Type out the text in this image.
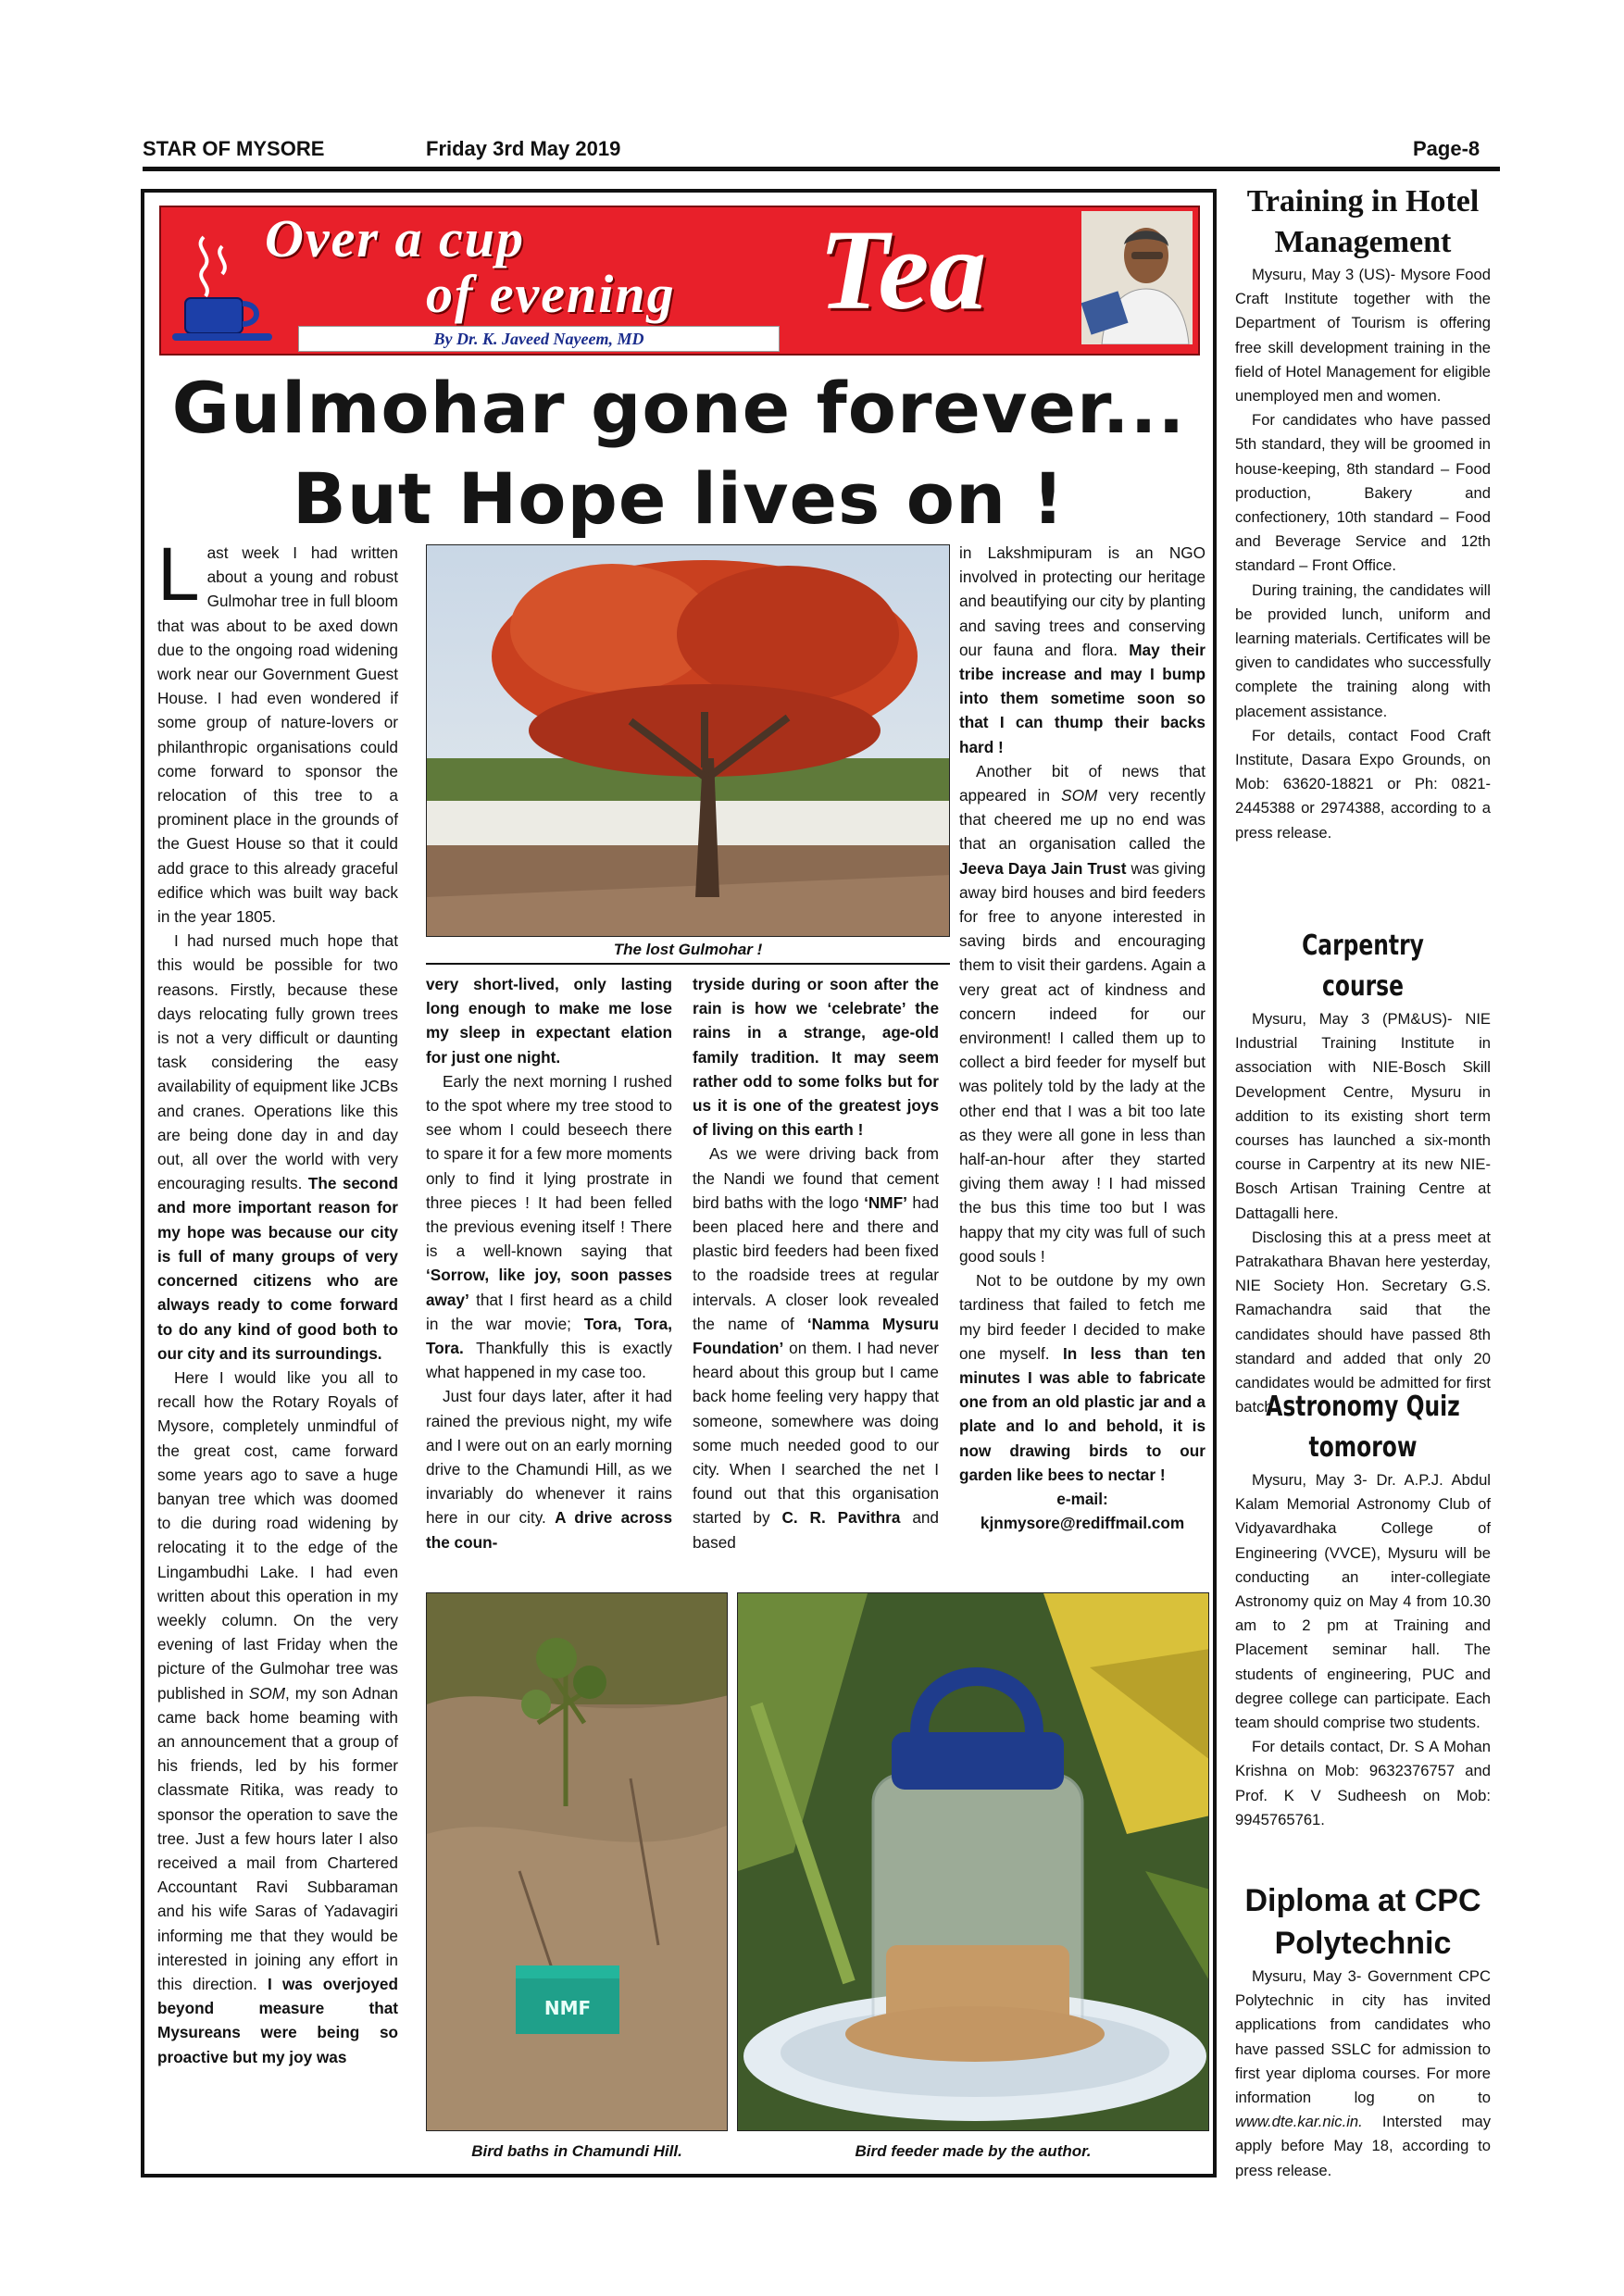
STAR OF MYSORE	Friday 3rd May 2019	Page-8
Over a cup
of evening Tea
By Dr. K. Javeed Nayeem, MD
Gulmohar gone forever...
But Hope lives on !

Last week I had written about a young and robust Gulmohar tree in full bloom that was about to be axed down due to the ongoing road widening work near our Government Guest House. I had even wondered if some group of nature-lovers or philanthropic organisations could come forward to sponsor the relocation of this tree to a prominent place in the grounds of the Guest House so that it could add grace to this already graceful edifice which was built way back in the year 1805.

I had nursed much hope that this would be possible for two reasons. Firstly, because these days relocating fully grown trees is not a very difficult or daunting task considering the easy availability of equipment like JCBs and cranes. Operations like this are being done day in and day out, all over the world with very encouraging results. The second and more important reason for my hope was because our city is full of many groups of very concerned citizens who are always ready to come forward to do any kind of good both to our city and its surroundings.

Here I would like you all to recall how the Rotary Royals of Mysore, completely unmindful of the great cost, came forward some years ago to save a huge banyan tree which was doomed to die during road widening by relocating it to the edge of the Lingambudhi Lake. I had even written about this operation in my weekly column. On the very evening of last Friday when the picture of the Gulmohar tree was published in SOM, my son Adnan came back home beaming with an announcement that a group of his friends, led by his former classmate Ritika, was ready to sponsor the operation to save the tree. Just a few hours later I also received a mail from Chartered Accountant Ravi Subbaraman and his wife Saras of Yadavagiri informing me that they would be interested in joining any effort in this direction. I was overjoyed beyond measure that Mysureans were being so proactive but my joy was

The lost Gulmohar !

very short-lived, only lasting long enough to make me lose my sleep in expectant elation for just one night.

Early the next morning I rushed to the spot where my tree stood to see whom I could beseech there to spare it for a few more moments only to find it lying prostrate in three pieces ! It had been felled the previous evening itself ! There is a well-known saying that ‘Sorrow, like joy, soon passes away’ that I first heard as a child in the war movie; Tora, Tora, Tora. Thankfully this is exactly what happened in my case too.

Just four days later, after it had rained the previous night, my wife and I were out on an early morning drive to the Chamundi Hill, as we invariably do whenever it rains here in our city. A drive across the coun-

tryside during or soon after the rain is how we ‘celebrate’ the rains in a strange, age-old family tradition. It may seem rather odd to some folks but for us it is one of the greatest joys of living on this earth !

As we were driving back from the Nandi we found that cement bird baths with the logo ‘NMF’ had been placed here and there and plastic bird feeders had been fixed to the roadside trees at regular intervals. A closer look revealed the name of ‘Namma Mysuru Foundation’ on them. I had never heard about this group but I came back home feeling very happy that someone, somewhere was doing some much needed good to our city. When I searched the net I found out that this organisation started by C. R. Pavithra and based

in Lakshmipuram is an NGO involved in protecting our heritage and beautifying our city by planting and saving trees and conserving our fauna and flora. May their tribe increase and may I bump into them sometime soon so that I can thump their backs hard !

Another bit of news that appeared in SOM very recently that cheered me up no end was that an organisation called the Jeeva Daya Jain Trust was giving away bird houses and bird feeders for free to anyone interested in saving birds and encouraging them to visit their gardens. Again a very great act of kindness and concern indeed for our environment! I called them up to collect a bird feeder for myself but was politely told by the lady at the other end that I was a bit too late as they were all gone in less than half-an-hour after they started giving them away ! I had missed the bus this time too but I was happy that my city was full of such good souls !

Not to be outdone by my own tardiness that failed to fetch me my bird feeder I decided to make one myself. In less than ten minutes I was able to fabricate one from an old plastic jar and a plate and lo and behold, it is now drawing birds to our garden like bees to nectar !

e-mail:
kjnmysore@rediffmail.com
NMF
Bird baths in Chamundi Hill.	Bird feeder made by the author.
Training in Hotel Management

Mysuru, May 3 (US)- Mysore Food Craft Institute together with the Department of Tourism is offering free skill development training in the field of Hotel Management for eligible unemployed men and women.

For candidates who have passed 5th standard, they will be groomed in house-keeping, 8th standard – Food production, Bakery and confectionery, 10th standard – Food and Beverage Service and 12th standard – Front Office.

During training, the candidates will be provided lunch, uniform and learning materials. Certificates will be given to candidates who successfully complete the training along with placement assistance.

For details, contact Food Craft Institute, Dasara Expo Grounds, on Mob: 63620-18821 or Ph: 0821-2445388 or 2974388, according to a press release.

Carpentry course

Mysuru, May 3 (PM&US)- NIE Industrial Training Institute in association with NIE-Bosch Skill Development Centre, Mysuru in addition to its existing short term courses has launched a six-month course in Carpentry at its new NIE-Bosch Artisan Training Centre at Dattagalli here.

Disclosing this at a press meet at Patrakathara Bhavan here yesterday, NIE Society Hon. Secretary G.S. Ramachandra said that the candidates should have passed 8th standard and added that only 20 candidates would be admitted for first batch.

Astronomy Quiz tomorow

Mysuru, May 3- Dr. A.P.J. Abdul Kalam Memorial Astronomy Club of Vidyavardhaka College of Engineering (VVCE), Mysuru will be conducting an inter-collegiate Astronomy quiz on May 4 from 10.30 am to 2 pm at Training and Placement seminar hall. The students of engineering, PUC and degree college can participate. Each team should comprise two students.

For details contact, Dr. S A Mohan Krishna on Mob: 9632376757 and Prof. K V Sudheesh on Mob: 9945765761.

Diploma at CPC Polytechnic

Mysuru, May 3- Government CPC Polytechnic in city has invited applications from candidates who have passed SSLC for admission to first year diploma courses. For more information log on to www.dte.kar.nic.in. Intersted may apply before May 18, according to press release.
